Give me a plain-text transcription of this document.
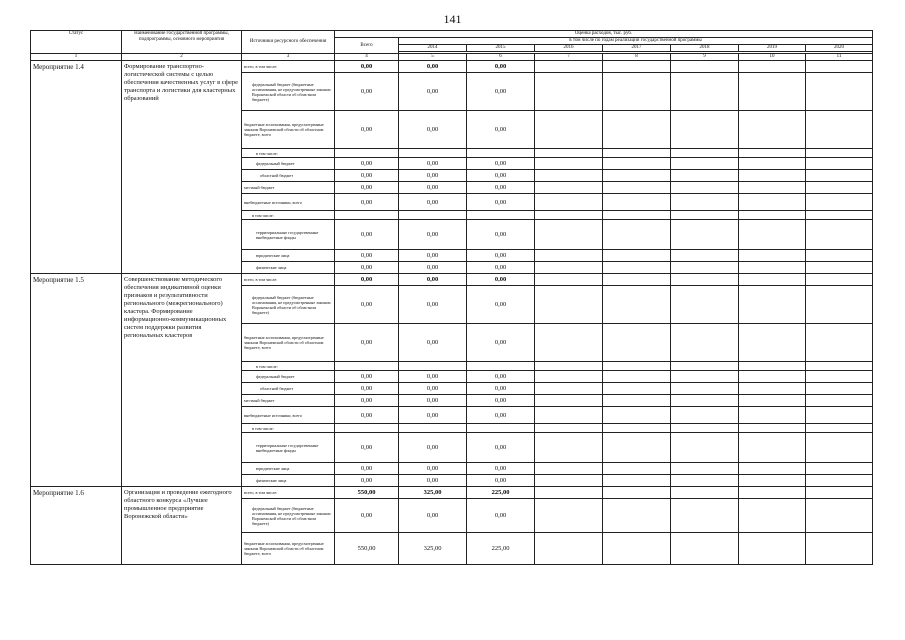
141
Статус	Наименование государственной программы, подпрограммы, основного мероприятия	Источники ресурсного обеспечения	Оценка расходов, тыс. руб.							
			Всего	в том числе по годам реализации государственной программы						
				2014	2015	2016	2017	2018	2019	2020

1	2	3	4	5	6	7	8	9	10	11
Мероприятие 1.4	Формирование транспортно-логистической системы с целью обеспечения качественных услуг в сфере транспорта и логистики для кластерных образований	всего, в том числе:	0,00	0,00	0,00					
		федеральный бюджет (бюджетные ассигнования, не предусмотренные законом Воронежской области об областном бюджете)	0,00	0,00	0,00					
		бюджетные ассигнования, предусмотренные законом Воронежской области об областном бюджете, всего	0,00	0,00	0,00					
		в том числе:								
		федеральный бюджет	0,00	0,00	0,00					
		областной бюджет	0,00	0,00	0,00					
		местный бюджет	0,00	0,00	0,00					
		внебюджетные источники, всего	0,00	0,00	0,00					
		в том числе:								
		территориальные государственные внебюджетные фонды	0,00	0,00	0,00					
		юридические лица	0,00	0,00	0,00					
		физические лица	0,00	0,00	0,00					
Мероприятие 1.5	Совершенствование методического обеспечения индикативной оценки признаков и результативности регионального (межрегионального) кластера. Формирование информационно-коммуникационных систем поддержки развития региональных кластеров	всего, в том числе:	0,00	0,00	0,00					
		федеральный бюджет (бюджетные ассигнования, не предусмотренные законом Воронежской области об областном бюджете)	0,00	0,00	0,00					
		бюджетные ассигнования, предусмотренные законом Воронежской области об областном бюджете, всего	0,00	0,00	0,00					
		в том числе:								
		федеральный бюджет	0,00	0,00	0,00					
		областной бюджет	0,00	0,00	0,00					
		местный бюджет	0,00	0,00	0,00					
		внебюджетные источники, всего	0,00	0,00	0,00					
		в том числе:								
		территориальные государственные внебюджетные фонды	0,00	0,00	0,00					
		юридические лица	0,00	0,00	0,00					
		физические лица	0,00	0,00	0,00					
Мероприятие 1.6	Организация и проведение ежегодного областного конкурса «Лучшее промышленное предприятие Воронежской области»	всего, в том числе:	550,00	325,00	225,00					
		федеральный бюджет (бюджетные ассигнования, не предусмотренные законом Воронежской области об областном бюджете)	0,00	0,00	0,00					
		бюджетные ассигнования, предусмотренные законом Воронежской области об областном бюджете, всего	550,00	325,00	225,00					
